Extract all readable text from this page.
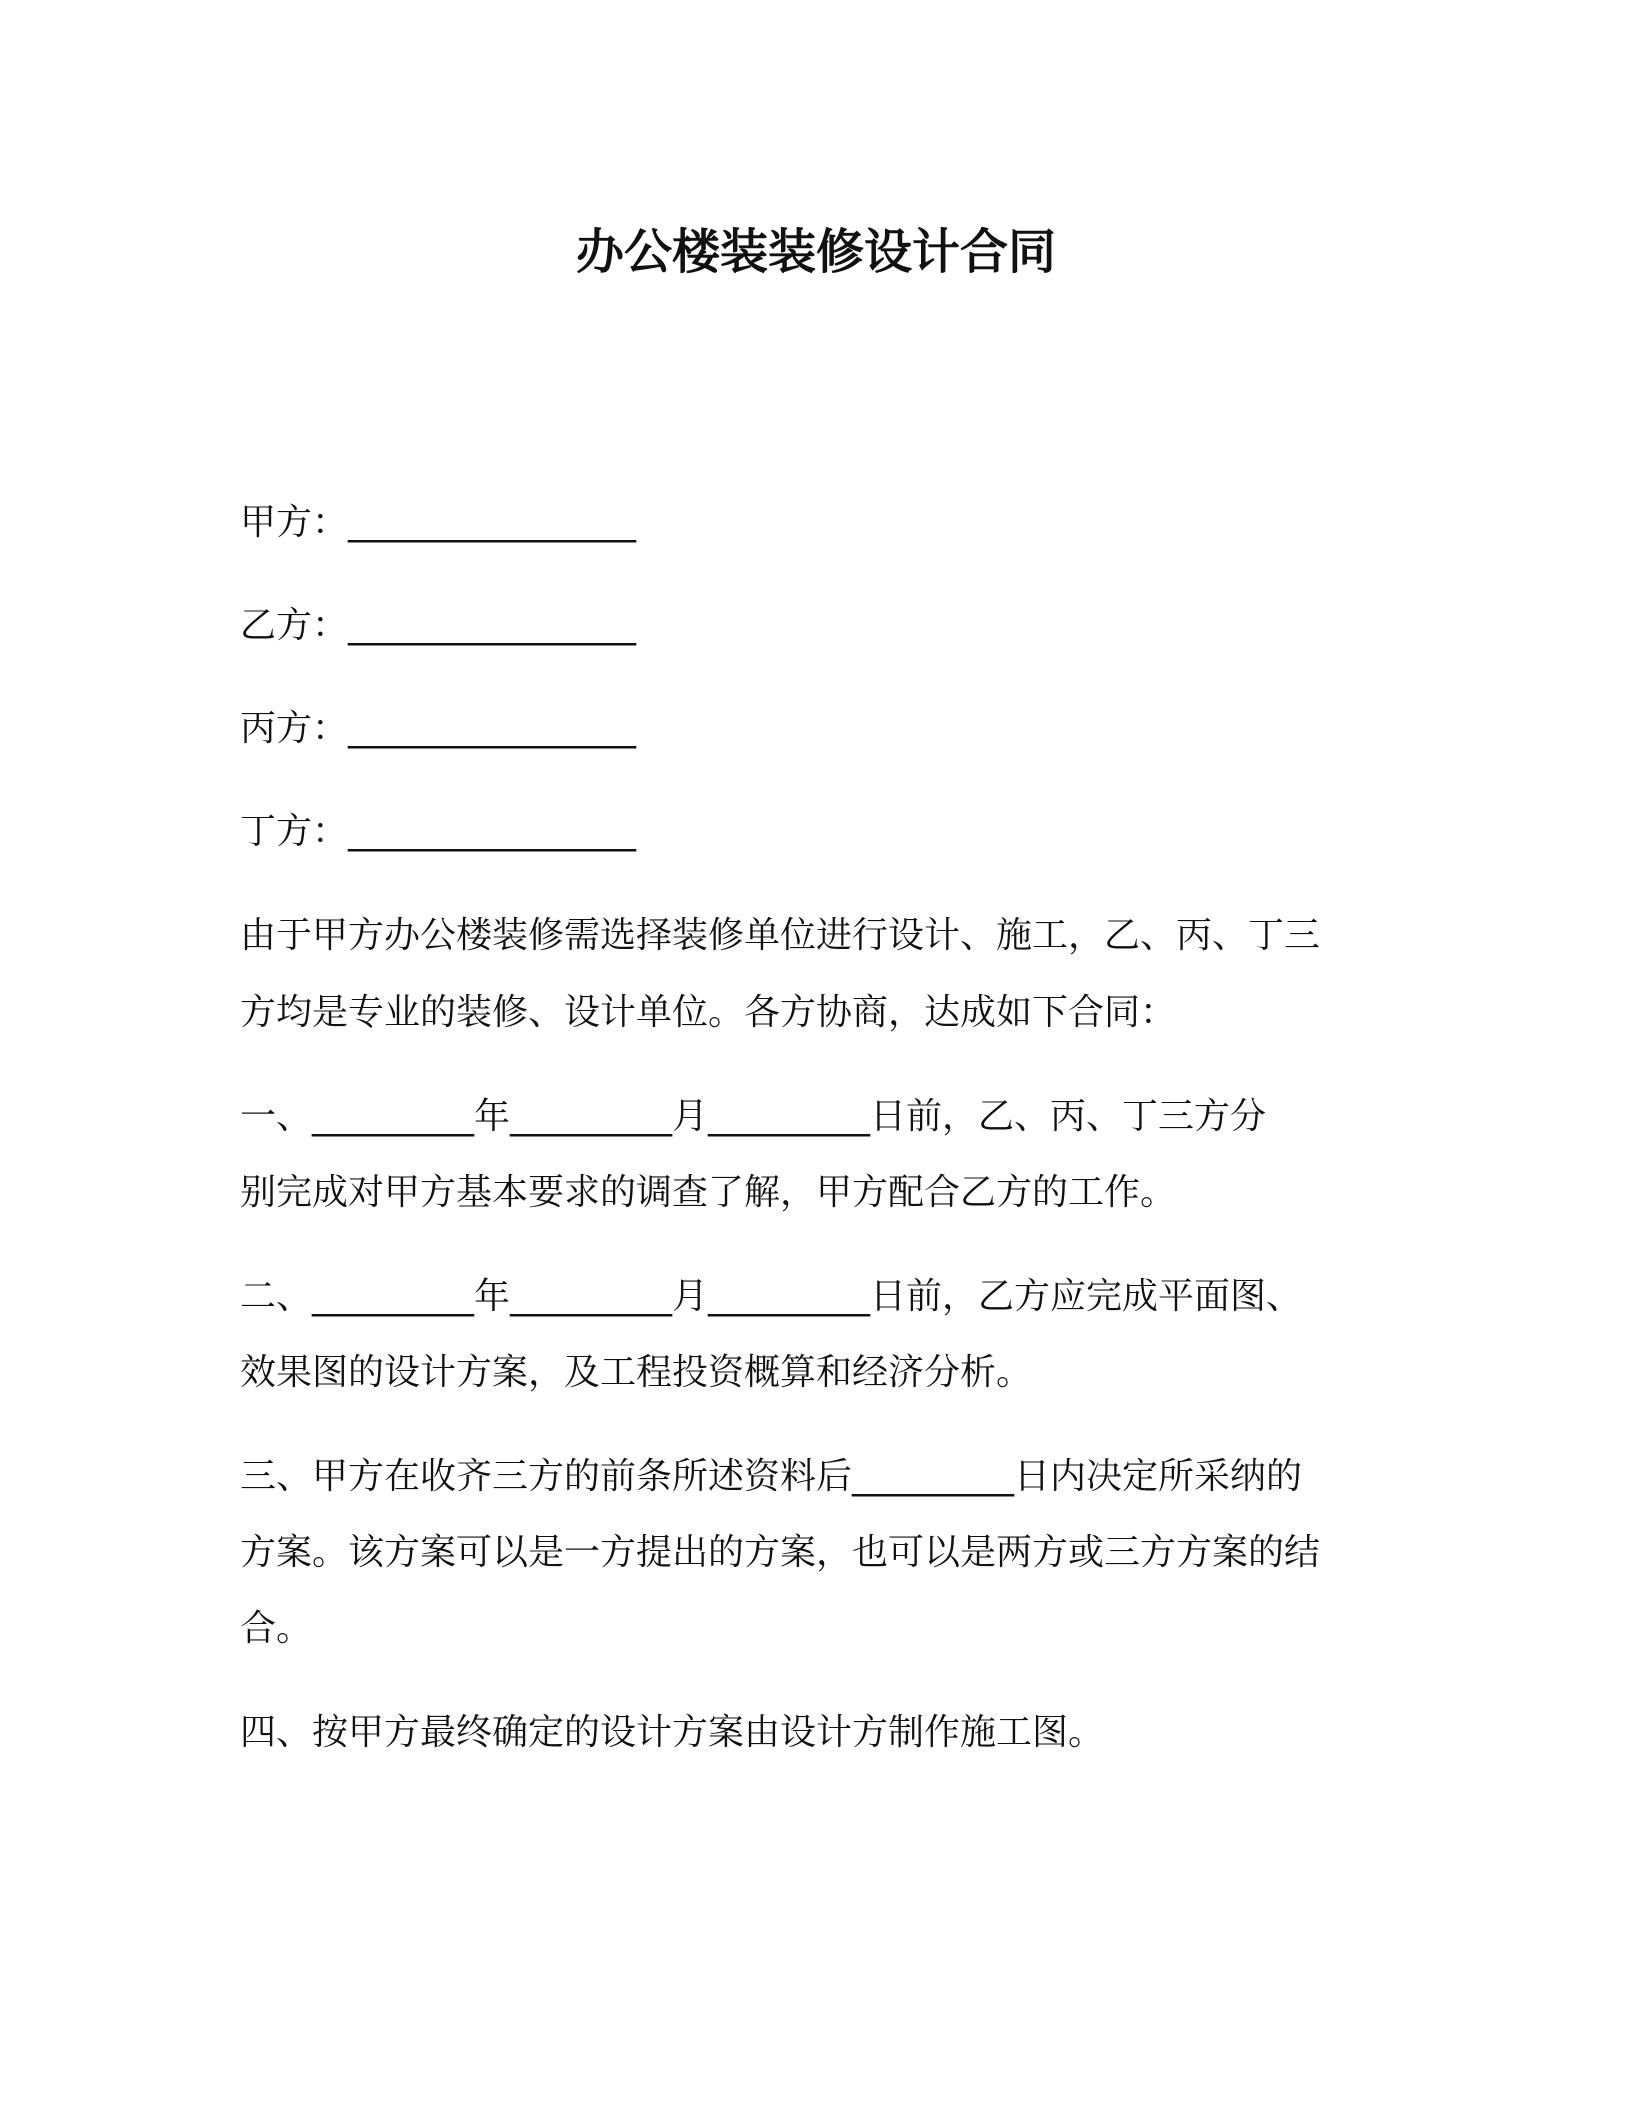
办公楼装装修设计合同
甲方：________________
乙方：________________
丙方：________________
丁方：________________
由于甲方办公楼装修需选择装修单位进行设计、施工，乙、丙、丁三
方均是专业的装修、设计单位。各方协商，达成如下合同：
一、_________年_________月_________日前，乙、丙、丁三方分
别完成对甲方基本要求的调查了解，甲方配合乙方的工作。
二、_________年_________月_________日前，乙方应完成平面图、
效果图的设计方案，及工程投资概算和经济分析。
三、甲方在收齐三方的前条所述资料后_________日内决定所采纳的
方案。该方案可以是一方提出的方案，也可以是两方或三方方案的结
合。
四、按甲方最终确定的设计方案由设计方制作施工图。
